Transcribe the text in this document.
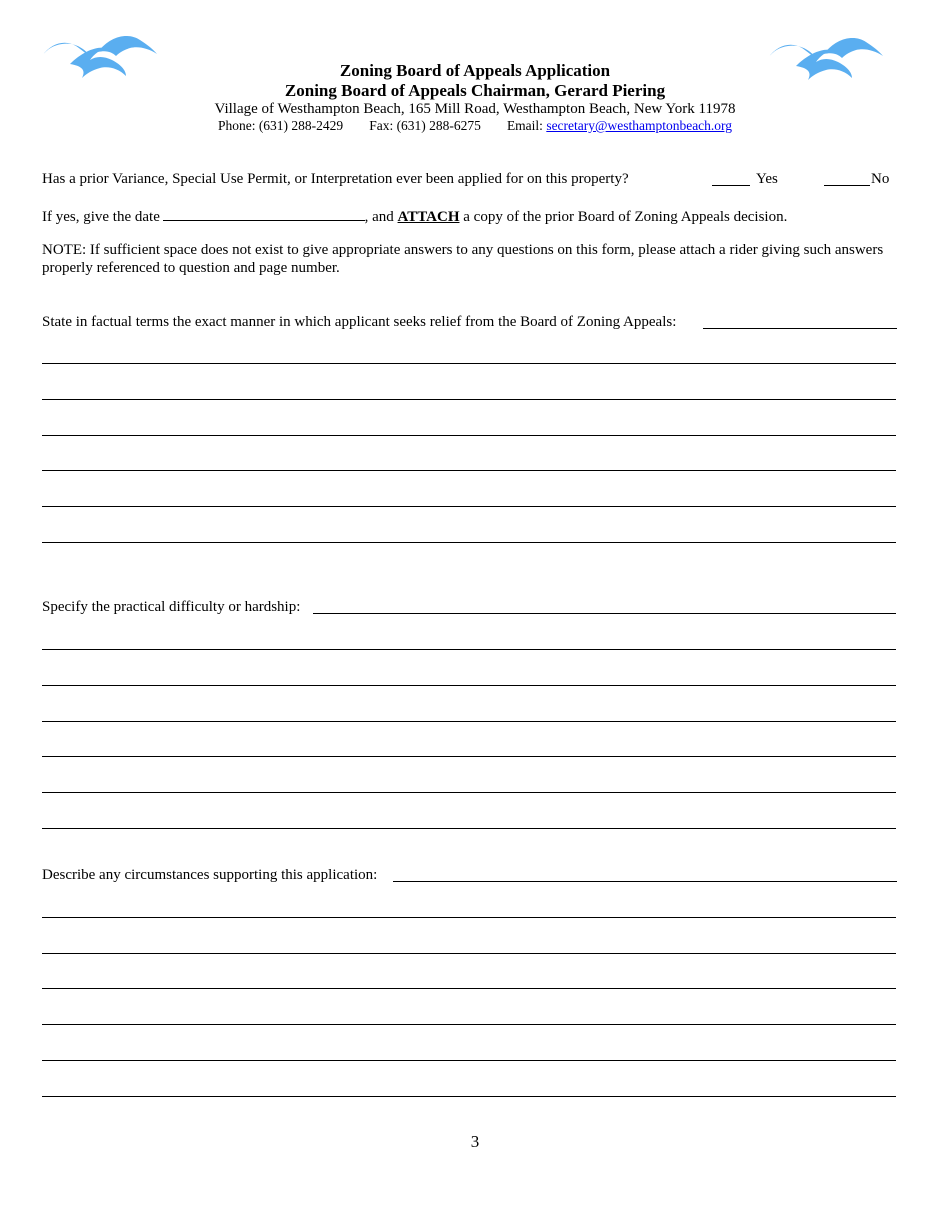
Zoning Board of Appeals Application
Zoning Board of Appeals Chairman, Gerard Piering
Village of Westhampton Beach, 165 Mill Road, Westhampton Beach, New York 11978
Phone: (631) 288-2429 Fax: (631) 288-6275 Email: secretary@westhamptonbeach.org
Has a prior Variance, Special Use Permit, or Interpretation ever been applied for on this property?	Yes	No
If yes, give the date	, and ATTACH a copy of the prior Board of Zoning Appeals decision.
NOTE: If sufficient space does not exist to give appropriate answers to any questions on this form, please attach a rider giving such answers properly referenced to question and page number.
State in factual terms the exact manner in which applicant seeks relief from the Board of Zoning Appeals:
Specify the practical difficulty or hardship:
Describe any circumstances supporting this application:
3
